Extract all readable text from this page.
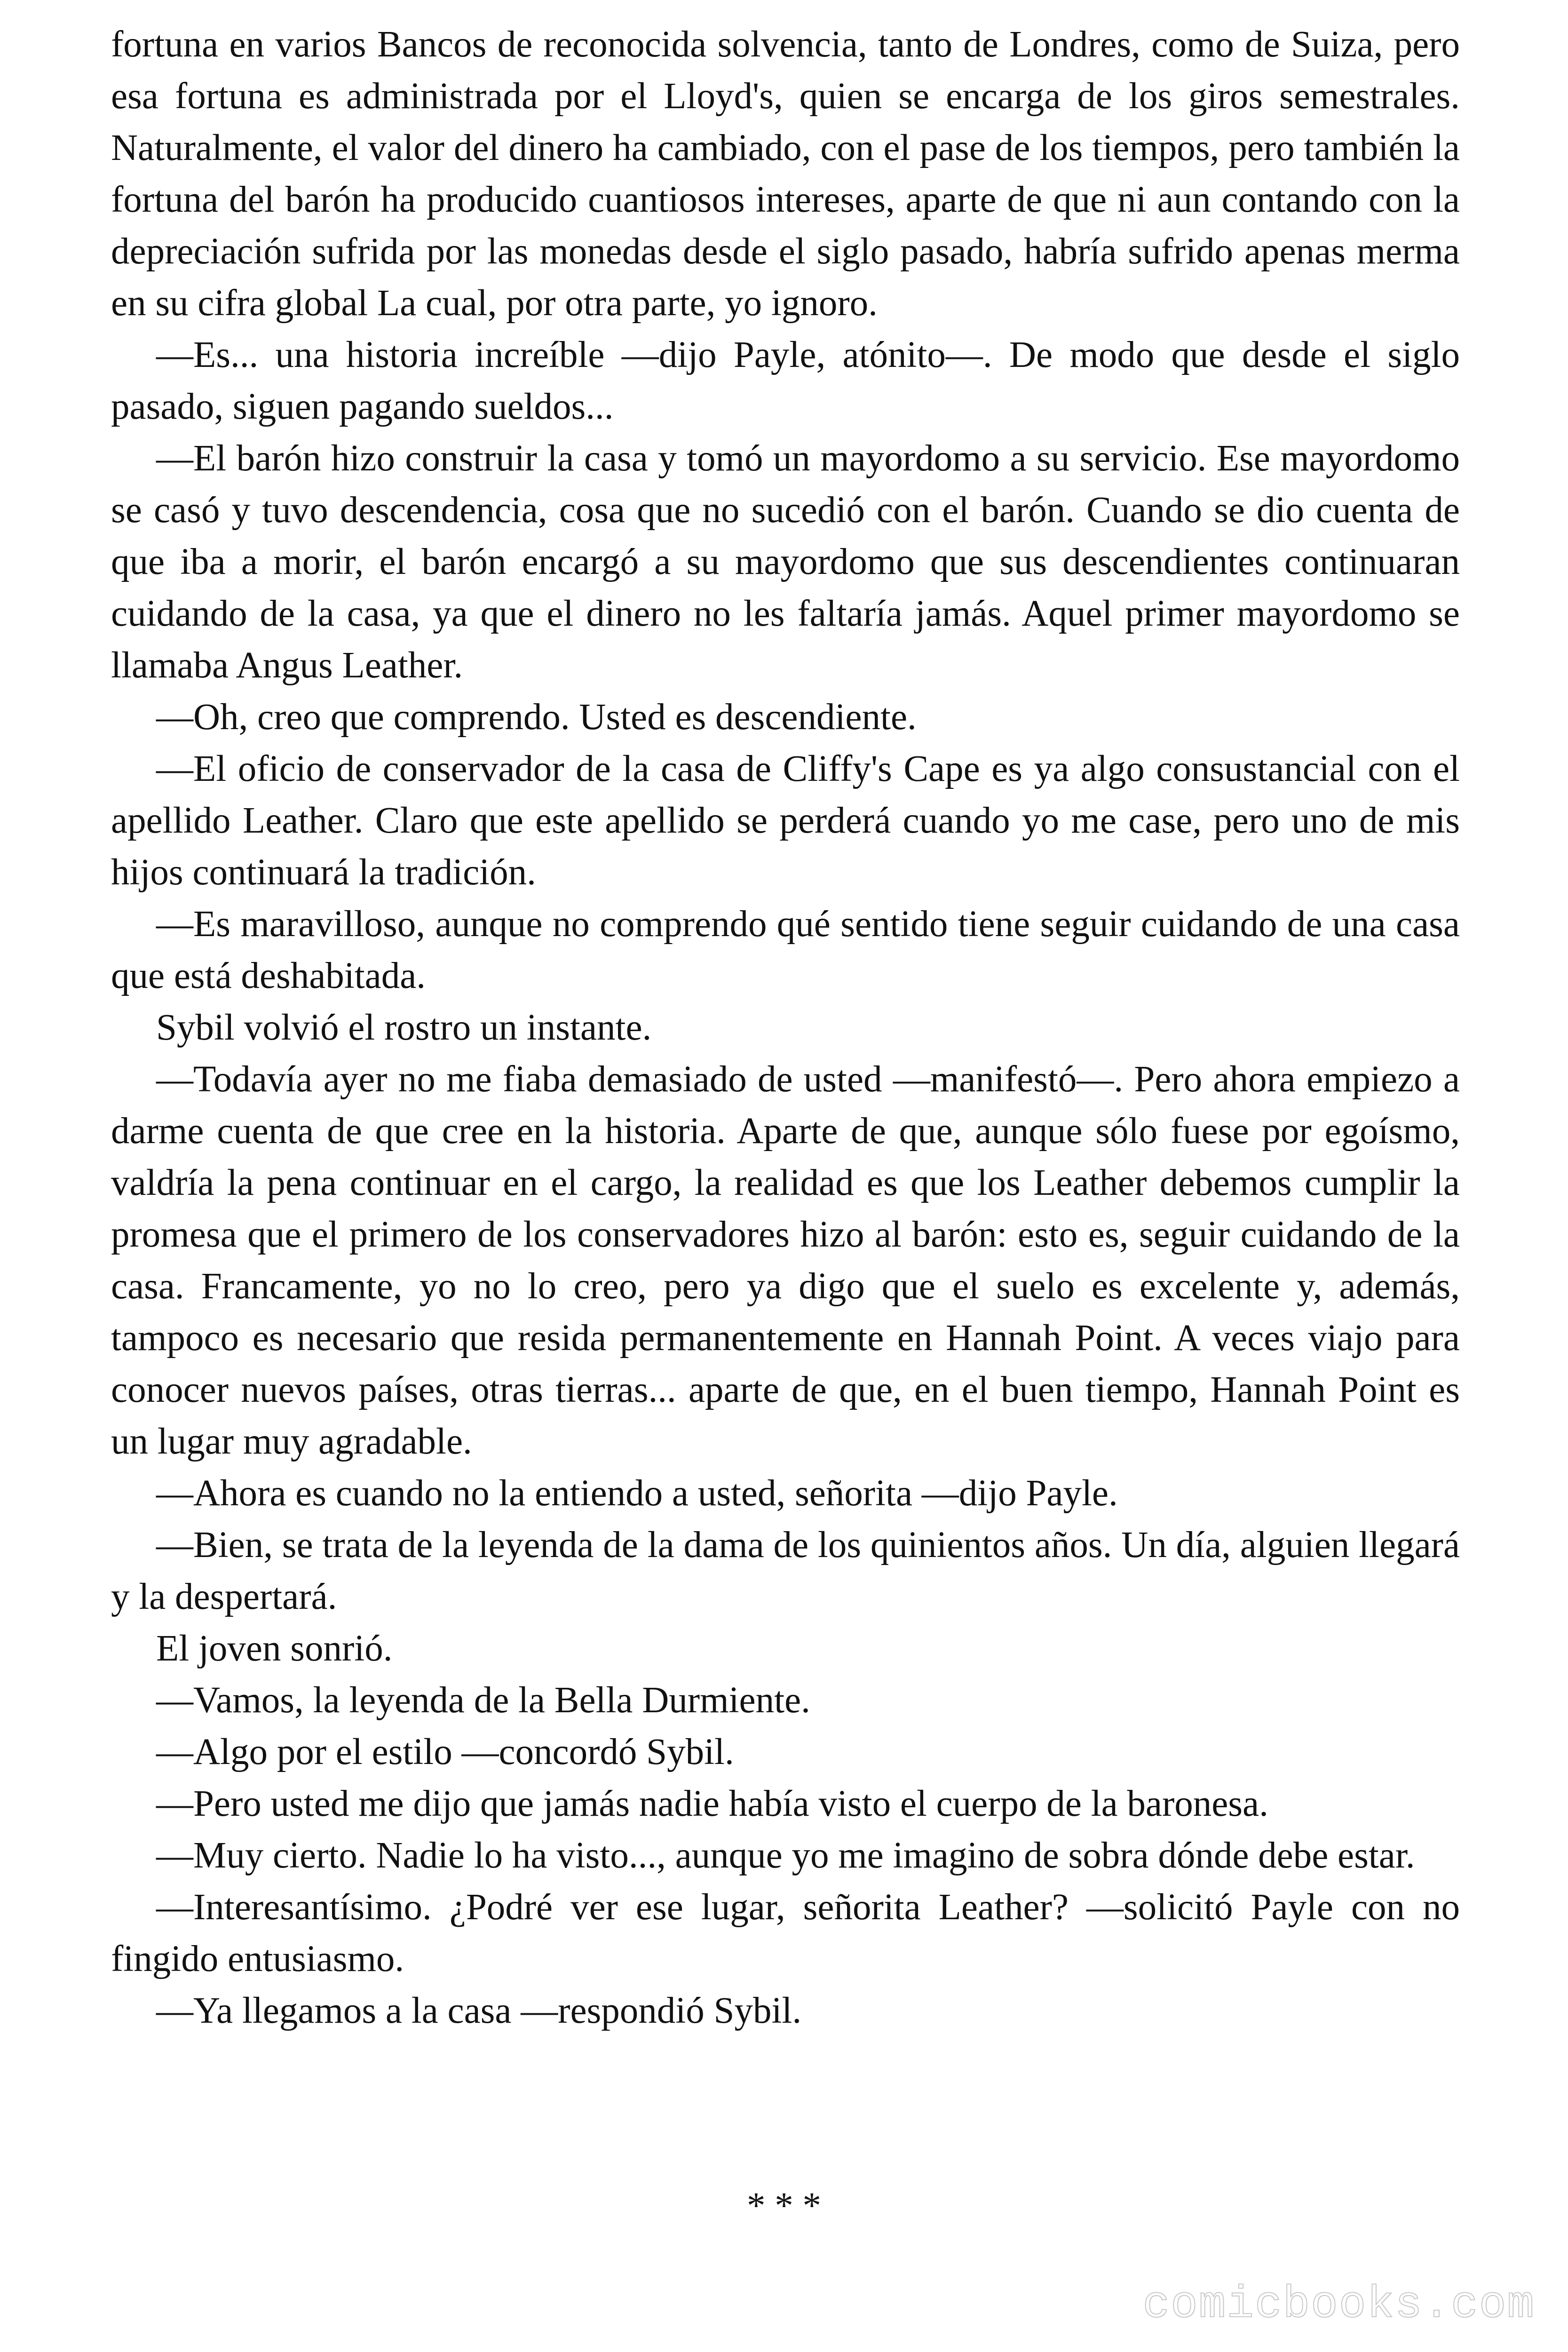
fortuna en varios Bancos de reconocida solvencia, tanto de Londres, como de Suiza, pero esa fortuna es administrada por el Lloyd's, quien se encarga de los giros semestrales. Naturalmente, el valor del dinero ha cambiado, con el pase de los tiempos, pero también la fortuna del barón ha producido cuantiosos intereses, aparte de que ni aun contando con la depreciación sufrida por las monedas desde el siglo pasado, habría sufrido apenas merma en su cifra global La cual, por otra parte, yo ignoro.

—Es... una historia increíble —dijo Payle, atónito—. De modo que desde el siglo pasado, siguen pagando sueldos...

—El barón hizo construir la casa y tomó un mayordomo a su servicio. Ese mayordomo se casó y tuvo descendencia, cosa que no sucedió con el barón. Cuando se dio cuenta de que iba a morir, el barón encargó a su mayordomo que sus descendientes continuaran cuidando de la casa, ya que el dinero no les faltaría jamás. Aquel primer mayordomo se llamaba Angus Leather.

—Oh, creo que comprendo. Usted es descendiente.

—El oficio de conservador de la casa de Cliffy's Cape es ya algo consustancial con el apellido Leather. Claro que este apellido se perderá cuando yo me case, pero uno de mis hijos continuará la tradición.

—Es maravilloso, aunque no comprendo qué sentido tiene seguir cuidando de una casa que está deshabitada.

Sybil volvió el rostro un instante.

—Todavía ayer no me fiaba demasiado de usted —manifestó—. Pero ahora empiezo a darme cuenta de que cree en la historia. Aparte de que, aunque sólo fuese por egoísmo, valdría la pena continuar en el cargo, la realidad es que los Leather debemos cumplir la promesa que el primero de los conservadores hizo al barón: esto es, seguir cuidando de la casa. Francamente, yo no lo creo, pero ya digo que el suelo es excelente y, además, tampoco es necesario que resida permanentemente en Hannah Point. A veces viajo para conocer nuevos países, otras tierras... aparte de que, en el buen tiempo, Hannah Point es un lugar muy agradable.

—Ahora es cuando no la entiendo a usted, señorita —dijo Payle.

—Bien, se trata de la leyenda de la dama de los quinientos años. Un día, alguien llegará y la despertará.

El joven sonrió.

—Vamos, la leyenda de la Bella Durmiente.

—Algo por el estilo —concordó Sybil.

—Pero usted me dijo que jamás nadie había visto el cuerpo de la baronesa.

—Muy cierto. Nadie lo ha visto..., aunque yo me imagino de sobra dónde debe estar.

—Interesantísimo. ¿Podré ver ese lugar, señorita Leather? —solicitó Payle con no fingido entusiasmo.

—Ya llegamos a la casa —respondió Sybil.

* * *
comicbooks.com
